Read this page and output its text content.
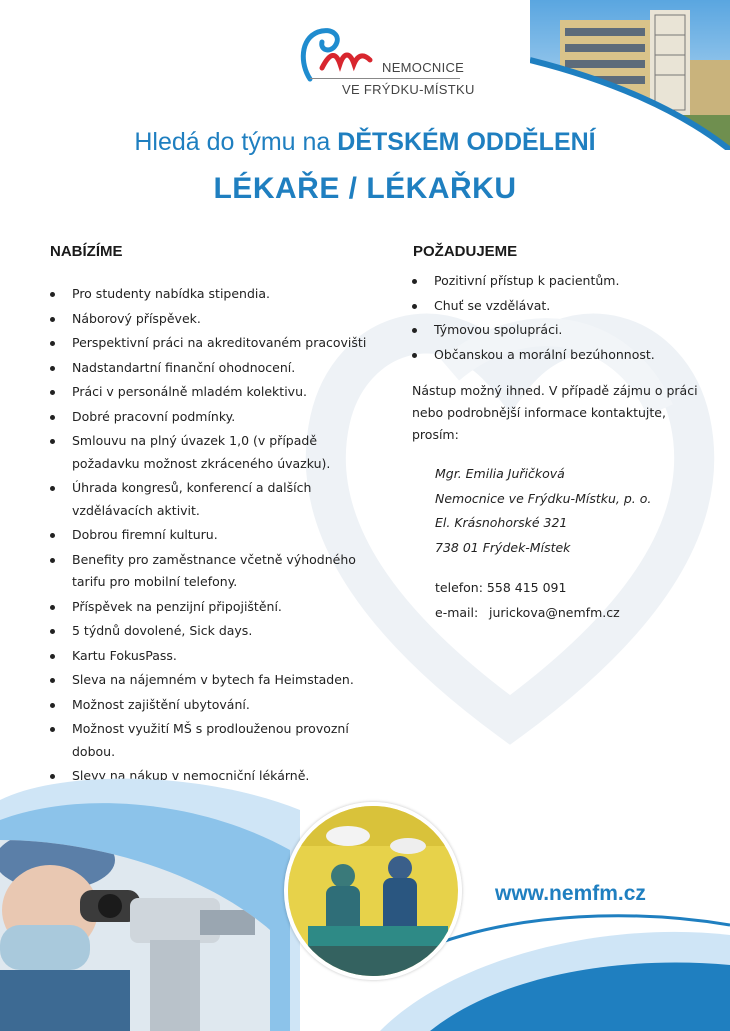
NEMOCNICE
VE FRÝDKU-MÍSTKU
Hledá do týmu na DĚTSKÉM ODDĚLENÍ
LÉKAŘE / LÉKAŘKU
NABÍZÍME
Pro studenty nabídka stipendia.
Náborový příspěvek.
Perspektivní práci na akreditovaném pracovišti
Nadstandartní finanční ohodnocení.
Práci v personálně mladém kolektivu.
Dobré pracovní podmínky.
Smlouvu na plný úvazek 1,0 (v případě požadavku možnost zkráceného úvazku).
Úhrada kongresů, konferencí a dalších vzdělávacích aktivit.
Dobrou firemní kulturu.
Benefity pro zaměstnance včetně výhodného tarifu pro mobilní telefony.
Příspěvek na penzijní připojištění.
5 týdnů dovolené, Sick days.
Kartu FokusPass.
Sleva na nájemném v bytech fa Heimstaden.
Možnost zajištění ubytování.
Možnost využití MŠ s prodlouženou provozní dobou.
Slevy na nákup v nemocniční lékárně.
POŽADUJEME
Pozitivní přístup k pacientům.
Chuť se vzdělávat.
Týmovou spolupráci.
Občanskou a morální bezúhonnost.
Nástup možný ihned. V případě zájmu o práci nebo podrobnější informace kontaktujte, prosím:
Mgr. Emilia Juřičková
Nemocnice ve Frýdku-Místku, p. o.
El. Krásnohorské 321
738 01 Frýdek-Místek
telefon: 558 415 091
e-mail: jurickova@nemfm.cz
www.nemfm.cz
